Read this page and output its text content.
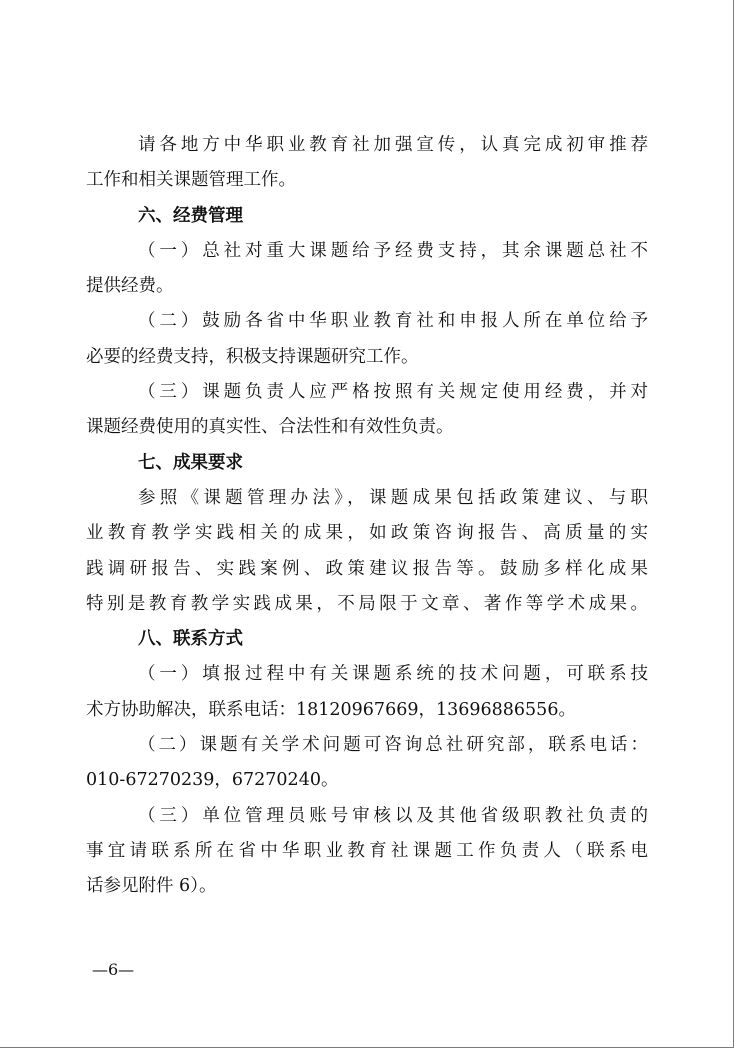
请各地方中华职业教育社加强宣传，认真完成初审推荐
工作和相关课题管理工作。
六、经费管理
（一）总社对重大课题给予经费支持，其余课题总社不
提供经费。
（二）鼓励各省中华职业教育社和申报人所在单位给予
必要的经费支持，积极支持课题研究工作。
（三）课题负责人应严格按照有关规定使用经费，并对
课题经费使用的真实性、合法性和有效性负责。
七、成果要求
参照《课题管理办法》，课题成果包括政策建议、与职
业教育教学实践相关的成果，如政策咨询报告、高质量的实
践调研报告、实践案例、政策建议报告等。鼓励多样化成果
特别是教育教学实践成果，不局限于文章、著作等学术成果。
八、联系方式
（一）填报过程中有关课题系统的技术问题，可联系技
术方协助解决，联系电话：18120967669，13696886556。
（二）课题有关学术问题可咨询总社研究部，联系电话：
010-67270239，67270240。
（三）单位管理员账号审核以及其他省级职教社负责的
事宜请联系所在省中华职业教育社课题工作负责人（联系电
话参见附件 6）。
—6—
